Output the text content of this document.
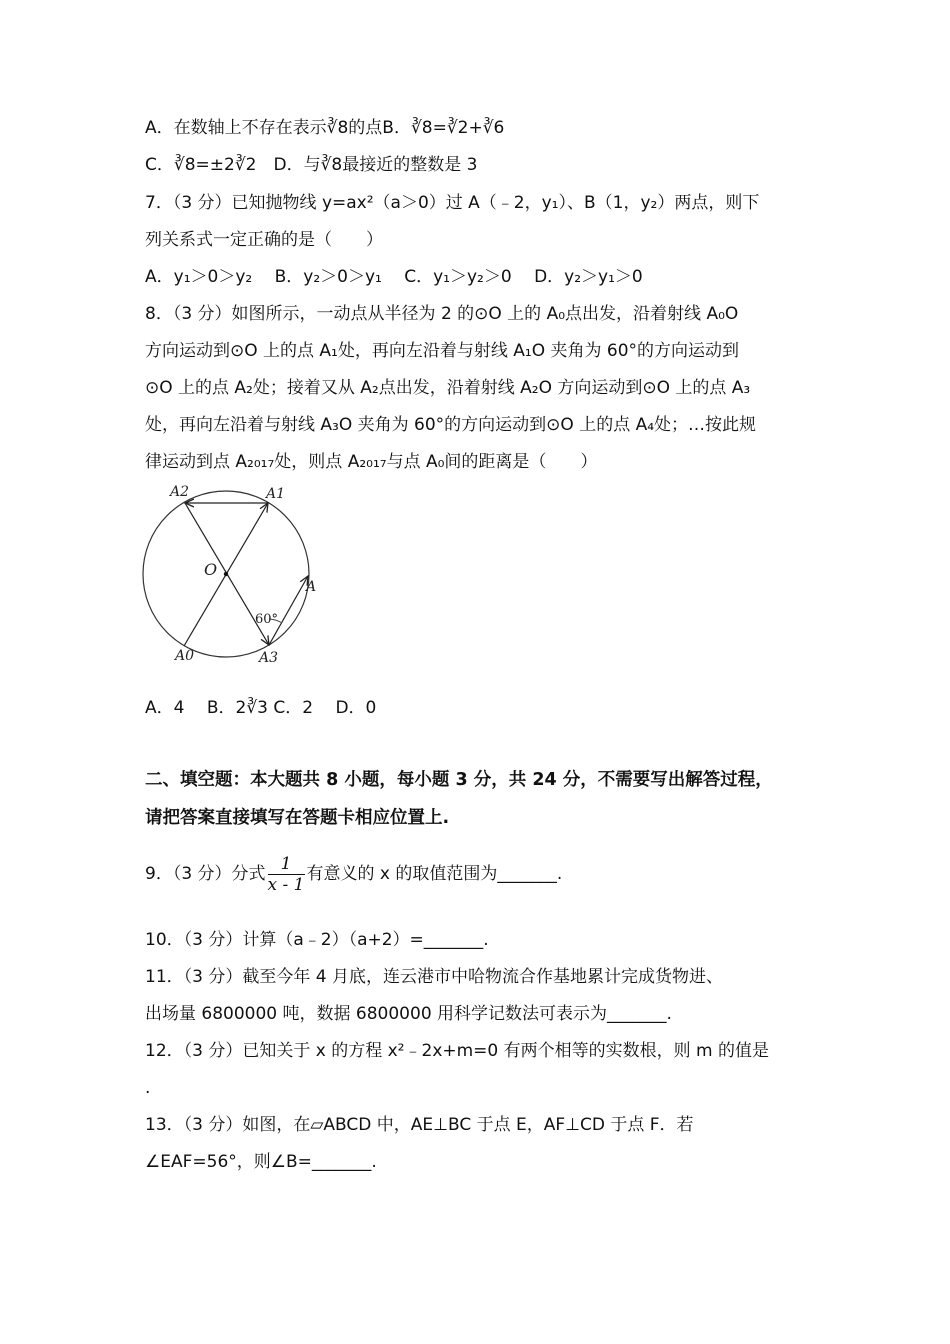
A．在数轴上不存在表示∛8的点B．∛8=∛2+∛6
C．∛8=±2∛2　 D．与∛8最接近的整数是 3
7．（3 分）已知抛物线 y=ax²（a＞0）过 A（﹣2，y₁）、B（1，y₂）两点，则下
列关系式一定正确的是（　　）
A．y₁＞0＞y₂　 B．y₂＞0＞y₁　 C．y₁＞y₂＞0　 D．y₂＞y₁＞0
8．（3 分）如图所示，一动点从半径为 2 的⊙O 上的 A₀点出发，沿着射线 A₀O
方向运动到⊙O 上的点 A₁处，再向左沿着与射线 A₁O 夹角为 60°的方向运动到
⊙O 上的点 A₂处；接着又从 A₂点出发，沿着射线 A₂O 方向运动到⊙O 上的点 A₃
处，再向左沿着与射线 A₃O 夹角为 60°的方向运动到⊙O 上的点 A₄处；…按此规
律运动到点 A₂₀₁₇处，则点 A₂₀₁₇与点 A₀间的距离是（　　）
A2	A1
O
A
60°
A0	A3
A．4　 B．2∛3 C．2　 D．0
二、填空题：本大题共 8 小题，每小题 3 分，共 24 分，不需要写出解答过程，
请把答案直接填写在答题卡相应位置上.
9．（3 分）分式 $\frac{1}{x - 1}$ 有意义的 x 的取值范围为_______.
10．（3 分）计算（a﹣2）（a+2）=_______.
11．（3 分）截至今年 4 月底，连云港市中哈物流合作基地累计完成货物进、
出场量 6800000 吨，数据 6800000 用科学记数法可表示为_______.
12．（3 分）已知关于 x 的方程 x²﹣2x+m=0 有两个相等的实数根，则 m 的值是
.
13．（3 分）如图，在▱ABCD 中，AE⊥BC 于点 E，AF⊥CD 于点 F．若
∠EAF=56°，则∠B=_______.
